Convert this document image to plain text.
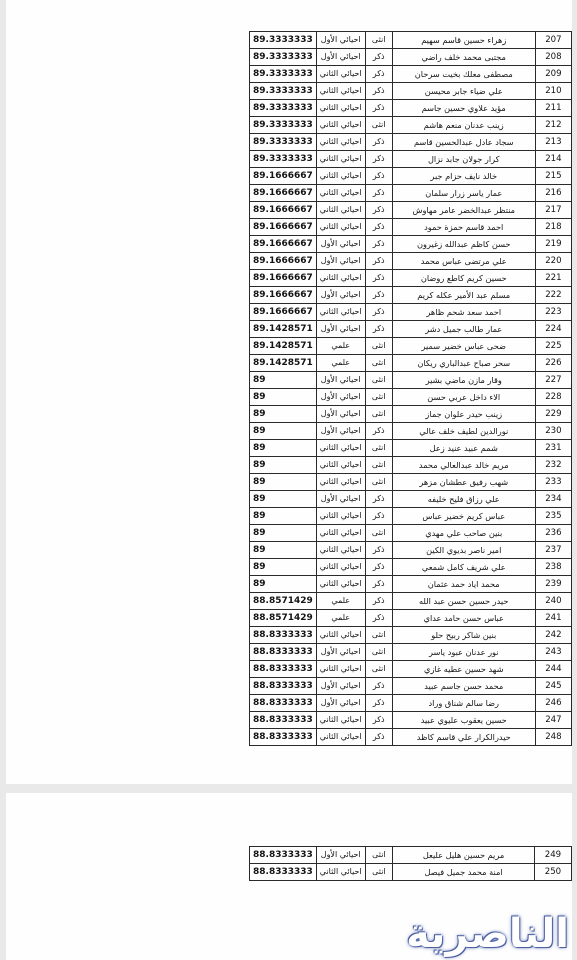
89.3333333	احيائي الأول	انثى	زهراء حسين قاسم سهيم	207
89.3333333	احيائي الأول	ذكر	مجتبى محمد خلف راضي	208
89.3333333	احيائي الثاني	ذكر	مصطفى معلك بخيت سرحان	209
89.3333333	احيائي الثاني	ذكر	علي ضياء جابر محيسن	210
89.3333333	احيائي الثاني	ذكر	مؤيد علاوي حسين جاسم	211
89.3333333	احيائي الثاني	انثى	زينب عدنان منعم هاشم	212
89.3333333	احيائي الثاني	ذكر	سجاد عادل عبدالحسين قاسم	213
89.3333333	احيائي الثاني	ذكر	كرار جولان جابد نزال	214
89.1666667	احيائي الثاني	ذكر	خالد نايف حزام جبر	215
89.1666667	احيائي الثاني	ذكر	عمار ياسر زرار سلمان	216
89.1666667	احيائي الثاني	ذكر	منتظر عبدالخضر عامر مهاوش	217
89.1666667	احيائي الثاني	ذكر	احمد قاسم حمزة حمود	218
89.1666667	احيائي الأول	ذكر	حسن كاظم عبدالله زغيرون	219
89.1666667	احيائي الأول	ذكر	علي مرتضى عباس محمد	220
89.1666667	احيائي الثاني	ذكر	حسين كريم كاطع روضان	221
89.1666667	احيائي الأول	ذكر	مسلم عبد الأمير عكله كريم	222
89.1666667	احيائي الثاني	ذكر	احمد سعد شحم ظاهر	223
89.1428571	احيائي الأول	ذكر	عمار طالب جميل دشر	224
89.1428571	علمي	انثى	ضحى عباس خضير سمير	225
89.1428571	علمي	انثى	سحر صباح عبدالباري ريكان	226
89	احيائي الأول	انثى	وقار مازن ماضي بشير	227
89	احيائي الأول	انثى	الاء داخل عربي حسن	228
89	احيائي الأول	انثى	زينب حيدر علوان جماز	229
89	احيائي الأول	ذكر	نورالدين لطيف خلف عالي	230
89	احيائي الثاني	انثى	شمم عبيد عنيد زعل	231
89	احيائي الثاني	انثى	مريم خالد عبدالعالي محمد	232
89	احيائي الثاني	انثى	شهب رفيق عطشان مزهر	233
89	احيائي الأول	ذكر	علي رزاق فليح خليفه	234
89	احيائي الثاني	ذكر	عباس كريم خضير عباس	235
89	احيائي الثاني	انثى	بنين صاحب علي مهدي	236
89	احيائي الثاني	ذكر	امير ناصر بديوي الكين	237
89	احيائي الثاني	ذكر	علي شريف كامل شمعي	238
89	احيائي الثاني	ذكر	محمد اياد حمد عثمان	239
88.8571429	علمي	ذكر	حيدر حسين حسن عبد الله	240
88.8571429	علمي	ذكر	عباس حسن حامد عداي	241
88.8333333	احيائي الثاني	انثى	بنين شاكر ربيح حلو	242
88.8333333	احيائي الأول	انثى	نور عدنان عبود ياسر	243
88.8333333	احيائي الثاني	انثى	شهد حسين عطيه غازي	244
88.8333333	احيائي الأول	ذكر	محمد حسن جاسم عبيد	245
88.8333333	احيائي الأول	ذكر	رضا سالم شناق وراد	246
88.8333333	احيائي الثاني	ذكر	حسين يعقوب عليوي عبيد	247
88.8333333	احيائي الثاني	ذكر	حيدرالكرار علي قاسم كاظد	248
88.8333333	احيائي الأول	انثى	مريم حسين هليل عليعل	249
88.8333333	احيائي الثاني	انثى	امنة محمد جميل فيصل	250
الناصرية
